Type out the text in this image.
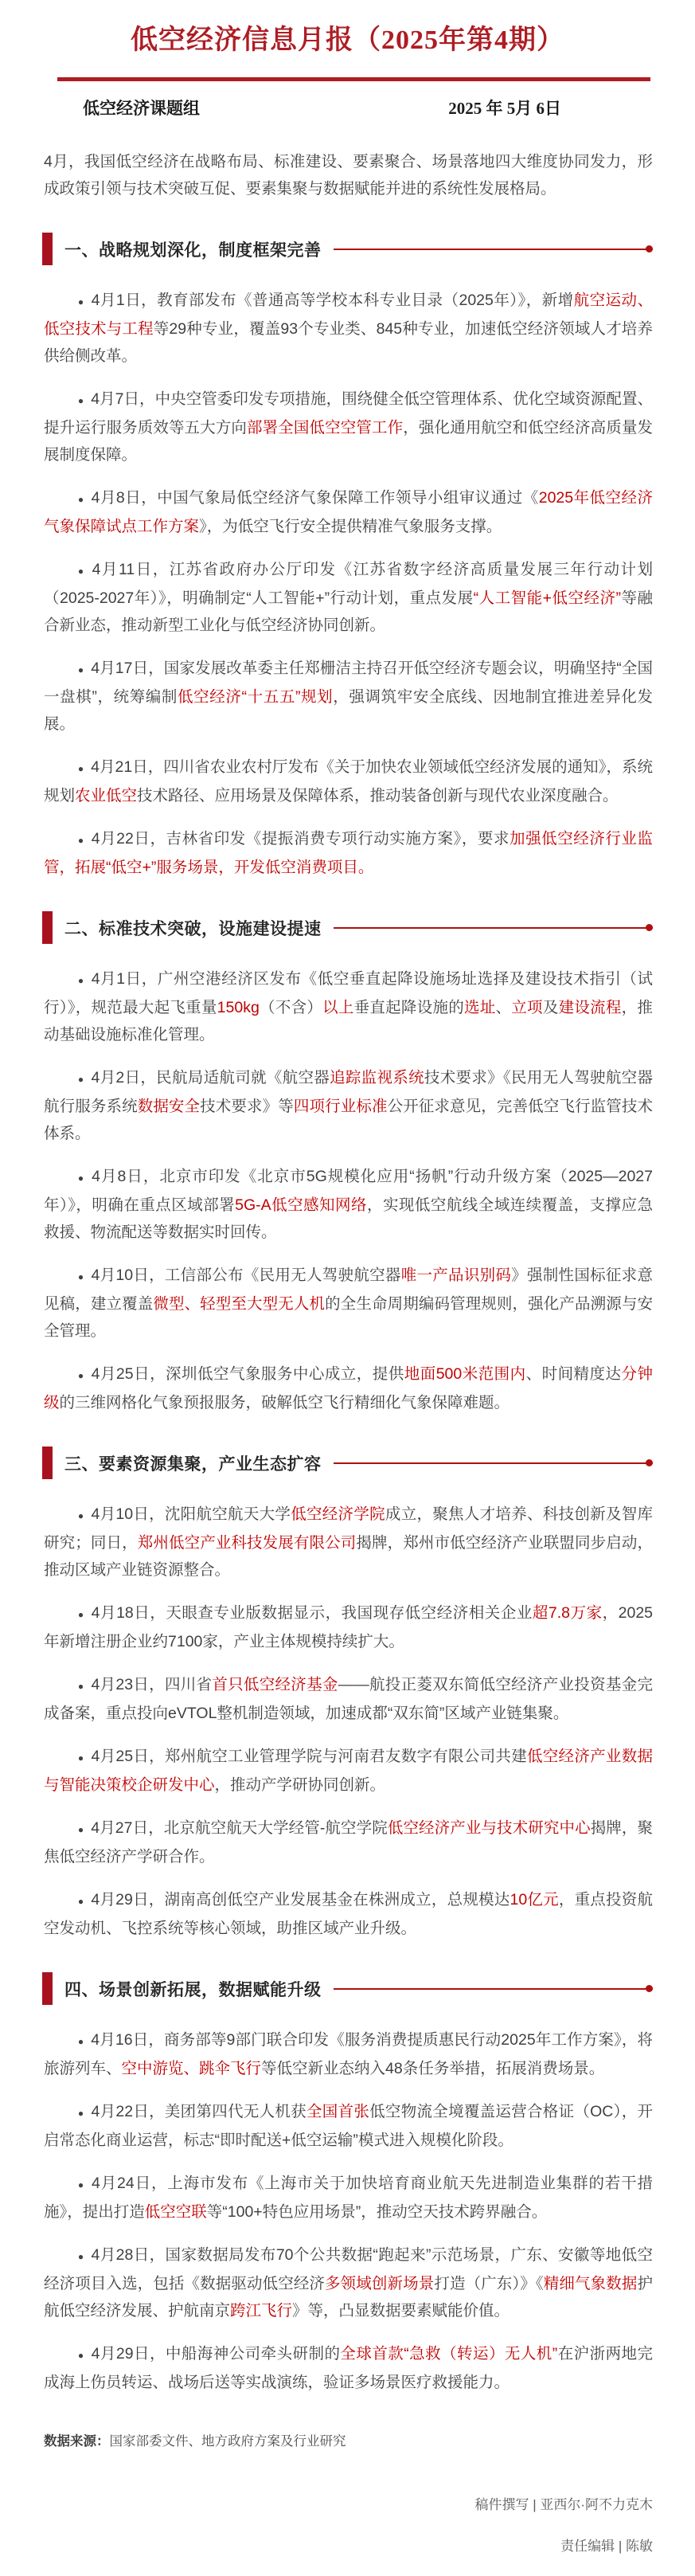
低空经济信息月报（2025年第4期）
低空经济课题组	2025 年 5月 6日

4月，我国低空经济在战略布局、标准建设、要素聚合、场景落地四大维度协同发力，形成政策引领与技术突破互促、要素集聚与数据赋能并进的系统性发展格局。

一、战略规划深化，制度框架完善

● 4月1日，教育部发布《普通高等学校本科专业目录（2025年）》，新增航空运动、低空技术与工程等29种专业，覆盖93个专业类、845种专业，加速低空经济领域人才培养供给侧改革。

● 4月7日，中央空管委印发专项措施，围绕健全低空管理体系、优化空域资源配置、提升运行服务质效等五大方向部署全国低空空管工作，强化通用航空和低空经济高质量发展制度保障。

● 4月8日，中国气象局低空经济气象保障工作领导小组审议通过《2025年低空经济气象保障试点工作方案》，为低空飞行安全提供精准气象服务支撑。

● 4月11日，江苏省政府办公厅印发《江苏省数字经济高质量发展三年行动计划（2025-2027年）》，明确制定“人工智能+”行动计划，重点发展“人工智能+低空经济”等融合新业态，推动新型工业化与低空经济协同创新。

● 4月17日，国家发展改革委主任郑栅洁主持召开低空经济专题会议，明确坚持“全国一盘棋”，统筹编制低空经济“十五五”规划，强调筑牢安全底线、因地制宜推进差异化发展。

● 4月21日，四川省农业农村厅发布《关于加快农业领域低空经济发展的通知》，系统规划农业低空技术路径、应用场景及保障体系，推动装备创新与现代农业深度融合。

● 4月22日，吉林省印发《提振消费专项行动实施方案》，要求加强低空经济行业监管，拓展“低空+”服务场景，开发低空消费项目。

二、标准技术突破，设施建设提速

● 4月1日，广州空港经济区发布《低空垂直起降设施场址选择及建设技术指引（试行）》，规范最大起飞重量150kg（不含）以上垂直起降设施的选址、立项及建设流程，推动基础设施标准化管理。

● 4月2日，民航局适航司就《航空器追踪监视系统技术要求》《民用无人驾驶航空器航行服务系统数据安全技术要求》等四项行业标准公开征求意见，完善低空飞行监管技术体系。

● 4月8日，北京市印发《北京市5G规模化应用“扬帆”行动升级方案（2025—2027年）》，明确在重点区域部署5G-A低空感知网络，实现低空航线全域连续覆盖，支撑应急救援、物流配送等数据实时回传。

● 4月10日，工信部公布《民用无人驾驶航空器唯一产品识别码》强制性国标征求意见稿，建立覆盖微型、轻型至大型无人机的全生命周期编码管理规则，强化产品溯源与安全管理。

● 4月25日，深圳低空气象服务中心成立，提供地面500米范围内、时间精度达分钟级的三维网格化气象预报服务，破解低空飞行精细化气象保障难题。

三、要素资源集聚，产业生态扩容

● 4月10日，沈阳航空航天大学低空经济学院成立，聚焦人才培养、科技创新及智库研究；同日，郑州低空产业科技发展有限公司揭牌，郑州市低空经济产业联盟同步启动，推动区域产业链资源整合。

● 4月18日，天眼查专业版数据显示，我国现存低空经济相关企业超7.8万家，2025年新增注册企业约7100家，产业主体规模持续扩大。

● 4月23日，四川省首只低空经济基金——航投正菱双东简低空经济产业投资基金完成备案，重点投向eVTOL整机制造领域，加速成都“双东简”区域产业链集聚。

● 4月25日，郑州航空工业管理学院与河南君友数字有限公司共建低空经济产业数据与智能决策校企研发中心，推动产学研协同创新。

● 4月27日，北京航空航天大学经管-航空学院低空经济产业与技术研究中心揭牌，聚焦低空经济产学研合作。

● 4月29日，湖南高创低空产业发展基金在株洲成立，总规模达10亿元，重点投资航空发动机、飞控系统等核心领域，助推区域产业升级。

四、场景创新拓展，数据赋能升级

● 4月16日，商务部等9部门联合印发《服务消费提质惠民行动2025年工作方案》，将旅游列车、空中游览、跳伞飞行等低空新业态纳入48条任务举措，拓展消费场景。

● 4月22日，美团第四代无人机获全国首张低空物流全境覆盖运营合格证（OC），开启常态化商业运营，标志“即时配送+低空运输”模式进入规模化阶段。

● 4月24日，上海市发布《上海市关于加快培育商业航天先进制造业集群的若干措施》，提出打造低空空联等“100+特色应用场景”，推动空天技术跨界融合。

● 4月28日，国家数据局发布70个公共数据“跑起来”示范场景，广东、安徽等地低空经济项目入选，包括《数据驱动低空经济多领域创新场景打造（广东）》《精细气象数据护航低空经济发展、护航南京跨江飞行》等，凸显数据要素赋能价值。

● 4月29日，中船海神公司牵头研制的全球首款“急救（转运）无人机”在沪浙两地完成海上伤员转运、战场后送等实战演练，验证多场景医疗救援能力。

数据来源：国家部委文件、地方政府方案及行业研究

稿件撰写 | 亚西尔·阿不力克木

责任编辑 | 陈敏
